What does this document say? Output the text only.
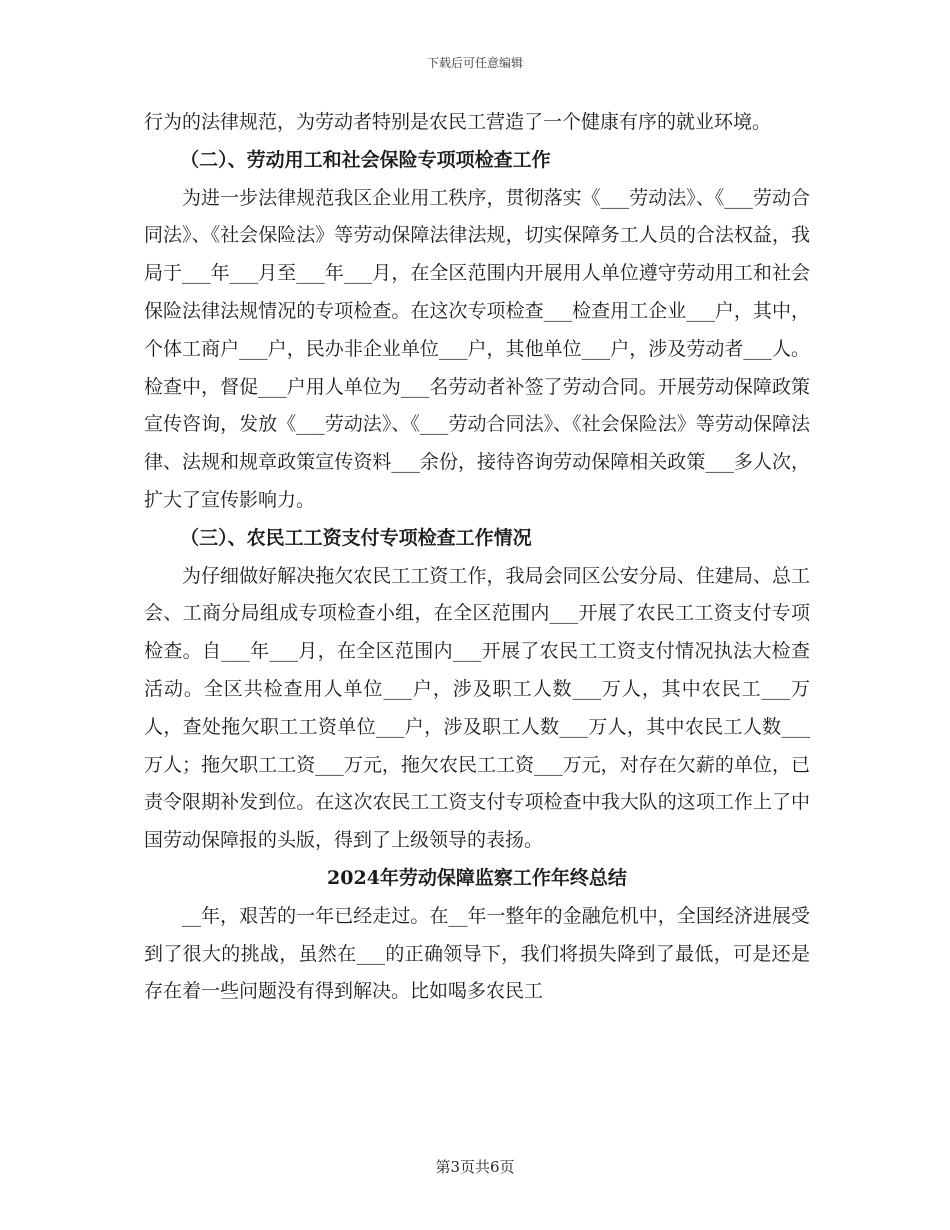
下载后可任意编辑

行为的法律规范，为劳动者特别是农民工营造了一个健康有序的就业环境。

（二）、劳动用工和社会保险专项项检查工作

为进一步法律规范我区企业用工秩序，贯彻落实《___劳动法》、《___劳动合同法》、《社会保险法》等劳动保障法律法规，切实保障务工人员的合法权益，我局于___年___月至___年___月，在全区范围内开展用人单位遵守劳动用工和社会保险法律法规情况的专项检查。在这次专项检查___检查用工企业___户，其中，个体工商户___户，民办非企业单位___户，其他单位___户，涉及劳动者___人。检查中，督促___户用人单位为___名劳动者补签了劳动合同。开展劳动保障政策宣传咨询，发放《___劳动法》、《___劳动合同法》、《社会保险法》等劳动保障法律、法规和规章政策宣传资料___余份，接待咨询劳动保障相关政策___多人次，扩大了宣传影响力。

（三）、农民工工资支付专项检查工作情况

为仔细做好解决拖欠农民工工资工作，我局会同区公安分局、住建局、总工会、工商分局组成专项检查小组，在全区范围内___开展了农民工工资支付专项检查。自___年___月，在全区范围内___开展了农民工工资支付情况执法大检查活动。全区共检查用人单位___户，涉及职工人数___万人，其中农民工___万人，查处拖欠职工工资单位___户，涉及职工人数___万人，其中农民工人数___万人；拖欠职工工资___万元，拖欠农民工工资___万元，对存在欠薪的单位，已责令限期补发到位。在这次农民工工资支付专项检查中我大队的这项工作上了中国劳动保障报的头版，得到了上级领导的表扬。

2024年劳动保障监察工作年终总结

__年，艰苦的一年已经走过。在__年一整年的金融危机中，全国经济进展受到了很大的挑战，虽然在___的正确领导下，我们将损失降到了最低，可是还是存在着一些问题没有得到解决。比如喝多农民工

第3页共6页
